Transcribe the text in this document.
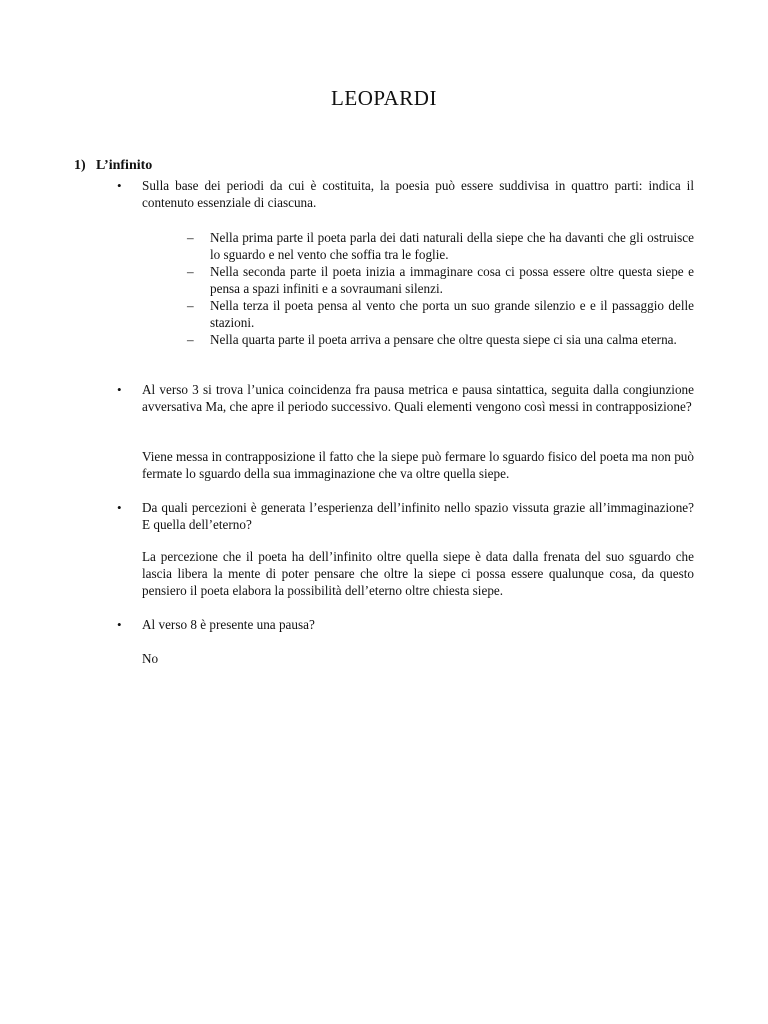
LEOPARDI
1) L’infinito
• Sulla base dei periodi da cui è costituita, la poesia può essere suddivisa in quattro parti: indica il contenuto essenziale di ciascuna.
– Nella prima parte il poeta parla dei dati naturali della siepe che ha davanti che gli ostruisce lo sguardo e nel vento che soffia tra le foglie.
– Nella seconda parte il poeta inizia a immaginare cosa ci possa essere oltre questa siepe e pensa a spazi infiniti e a sovraumani silenzi.
– Nella terza il poeta pensa al vento che porta un suo grande silenzio e e il passaggio delle stazioni.
– Nella quarta parte il poeta arriva a pensare che oltre questa siepe ci sia una calma eterna.
• Al verso 3 si trova l’unica coincidenza fra pausa metrica e pausa sintattica, seguita dalla congiunzione avversativa Ma, che apre il periodo successivo. Quali elementi vengono così messi in contrapposizione?
Viene messa in contrapposizione il fatto che la siepe può fermare lo sguardo fisico del poeta ma non può fermate lo sguardo della sua immaginazione che va oltre quella siepe.
• Da quali percezioni è generata l’esperienza dell’infinito nello spazio vissuta grazie all’immaginazione? E quella dell’eterno?
La percezione che il poeta ha dell’infinito oltre quella siepe è data dalla frenata del suo sguardo che lascia libera la mente di poter pensare che oltre la siepe ci possa essere qualunque cosa, da questo pensiero il poeta elabora la possibilità dell’eterno oltre chiesta siepe.
• Al verso 8 è presente una pausa?
No
